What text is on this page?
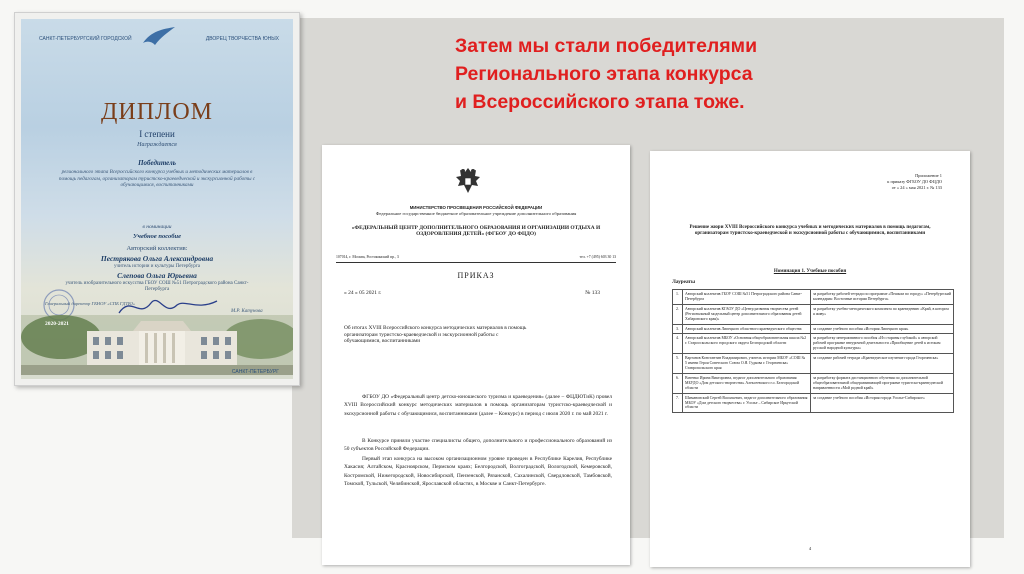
Затем мы стали победителями
Регионального этапа конкурса
и Всероссийского этапа тоже.
САНКТ-ПЕТЕРБУРГСКИЙ ГОРОДСКОЙ	ДВОРЕЦ ТВОРЧЕСТВА ЮНЫХ
ДИПЛОМ
I степени
Награждается
Победитель
регионального этапа Всероссийского конкурса учебных и методических материалов в помощь педагогам, организаторам туристско-краеведческой и экскурсионной работы с обучающимися, воспитанниками
в номинации
Учебное пособие
Авторский коллектив:
Пестрякова Ольга Александровна
учитель истории и культуры Петербурга
Слепова Ольга Юрьевна
учитель изобразительного искусства ГБОУ СОШ №51 Петроградского района Санкт-Петербурга
Генеральный директор ГБНОУ «СПБ ГДТЮ»
М.Р. Катунова
2020-2021
САНКТ-ПЕТЕРБУРГ
МИНИСТЕРСТВО ПРОСВЕЩЕНИЯ РОССИЙСКОЙ ФЕДЕРАЦИИ
Федеральное государственное бюджетное образовательное учреждение дополнительного образования
«ФЕДЕРАЛЬНЫЙ ЦЕНТР ДОПОЛНИТЕЛЬНОГО ОБРАЗОВАНИЯ И ОРГАНИЗАЦИИ ОТДЫХА И ОЗДОРОВЛЕНИЯ ДЕТЕЙ» (ФГБОУ ДО ФЦДО)
107014, г. Москва, Ростокинский пр., 3	тел. +7 (495) 603 30 13
ПРИКАЗ
« 24 » 05 2021 г.	№ 133
Об итогах XVIII Всероссийского конкурса методических материалов в помощь организаторам туристско-краеведческой и экскурсионной работы с обучающимися, воспитанниками
ФГБОУ ДО «Федеральный центр детско-юношеского туризма и краеведения» (далее – ФЦДЮТиК) провел XVIII Всероссийский конкурс методических материалов в помощь организаторам туристско-краеведческой и экскурсионной работы с обучающимися, воспитанниками (далее – Конкурс) в период с июля 2020 г. по май 2021 г.
В Конкурсе приняли участие специалисты общего, дополнительного и профессионального образований из 50 субъектов Российской Федерации.
Первый этап конкурса на высоком организационном уровне проведен в Республике Карелия, Республике Хакасия; Алтайском, Красноярском, Пермском краях; Белгородской, Волгоградской, Вологодской, Кемеровской, Костромской, Нижегородской, Новосибирской, Пензенской, Рязанской, Сахалинской, Свердловской, Тамбовской, Томской, Тульской, Челябинской, Ярославской областях, в Москве и Санкт-Петербурге.
Приложение 1
к приказу ФГБОУ ДО ФЦДО
от « 24 » мая 2021 г. № 133
Решение жюри XVIII Всероссийского конкурса учебных и методических материалов в помощь педагогам, организаторам туристско-краеведческой и экскурсионной работы с обучающимися, воспитанниками
Номинация 1. Учебные пособия
Лауреаты
1.	Авторский коллектив ГБОУ СОШ №51 Петроградского района Санкт-Петербурга	за разработку рабочей тетради по программе «Пешком по городу» «Петербургский календарик: Восточные истории Петербурга»
2.	Авторский коллектив КГАОУ ДО «Центр развития творчества детей (Региональный модельный центр дополнительного образования детей Хабаровского края)»	за разработку учебно-методического комплекта по краеведению «Край, в котором я живу»
3.	Авторский коллектив Липецкого областного краеведческого общества	за создание учебного пособия «История Липецкого края»
4.	Авторский коллектив МБОУ «Основная общеобразовательная школа №2 г. Старооскольского городского округа Белгородской области	за разработку интерактивного пособия «Из старины глубокой» к авторской рабочей программе внеурочной деятельности «Приобщение детей к истокам русской народной культуры»
5.	Вартанов Константин Владимирович, учитель истории МБОУ «СОШ № 5 имени Героя Советского Союза О.Я. Гудкова г. Георгиевска» Ставропольского края	за создание рабочей тетради «Краеведческое изучение города Георгиевска»
6.	Витенко Ирина Викторовна, педагог дополнительного образования МБУДО «Дом детского творчества» Алексеевского г.о. Белгородской области	за разработку формата дистанционного обучения по дополнительной общеобразовательной общеразвивающей программе туристско-краеведческой направленности «Мой родной край»
7.	Шимановский Сергей Васильевич, педагог дополнительного образования МБОУ «Дом детского творчества» г. Усолье – Сибирское Иркутской области	за создание учебного пособия «История города Усолье-Сибирское»
4
